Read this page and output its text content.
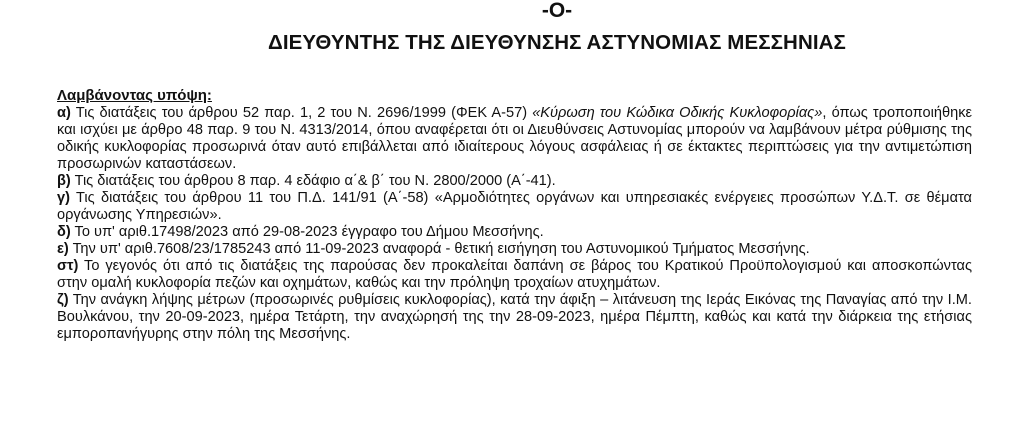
-Ο-
ΔΙΕΥΘΥΝΤΗΣ ΤΗΣ ΔΙΕΥΘΥΝΣΗΣ ΑΣΤΥΝΟΜΙΑΣ ΜΕΣΣΗΝΙΑΣ

Λαμβάνοντας υπόψη:

α) Τις διατάξεις του άρθρου 52 παρ. 1, 2 του Ν. 2696/1999 (ΦΕΚ Α-57) «Κύρωση του Κώδικα Οδικής Κυκλοφορίας», όπως τροποποιήθηκε και ισχύει με άρθρο 48 παρ. 9 του Ν. 4313/2014, όπου αναφέρεται ότι οι Διευθύνσεις Αστυνομίας μπορούν να λαμβάνουν μέτρα ρύθμισης της οδικής κυκλοφορίας προσωρινά όταν αυτό επιβάλλεται από ιδιαίτερους λόγους ασφάλειας ή σε έκτακτες περιπτώσεις για την αντιμετώπιση προσωρινών καταστάσεων.

β) Τις διατάξεις του άρθρου 8 παρ. 4 εδάφιο α΄& β΄ του Ν. 2800/2000 (Α΄-41).

γ) Τις διατάξεις του άρθρου 11 του Π.Δ. 141/91 (Α΄-58) «Αρμοδιότητες οργάνων και υπηρεσιακές ενέργειες προσώπων Υ.Δ.Τ. σε θέματα οργάνωσης Υπηρεσιών».

δ) Το υπ' αριθ.17498/2023 από 29-08-2023 έγγραφο του Δήμου Μεσσήνης.

ε) Την υπ' αριθ.7608/23/1785243 από 11-09-2023 αναφορά - θετική εισήγηση του Αστυνομικού Τμήματος Μεσσήνης.

στ) Το γεγονός ότι από τις διατάξεις της παρούσας δεν προκαλείται δαπάνη σε βάρος του Κρατικού Προϋπολογισμού και αποσκοπώντας στην ομαλή κυκλοφορία πεζών και οχημάτων, καθώς και την πρόληψη τροχαίων ατυχημάτων.

ζ) Την ανάγκη λήψης μέτρων (προσωρινές ρυθμίσεις κυκλοφορίας), κατά την άφιξη – λιτάνευση της Ιεράς Εικόνας της Παναγίας από την Ι.Μ. Βουλκάνου, την 20-09-2023, ημέρα Τετάρτη, την αναχώρησή της την 28-09-2023, ημέρα Πέμπτη, καθώς και κατά την διάρκεια της ετήσιας εμποροπανήγυρης στην πόλη της Μεσσήνης.
